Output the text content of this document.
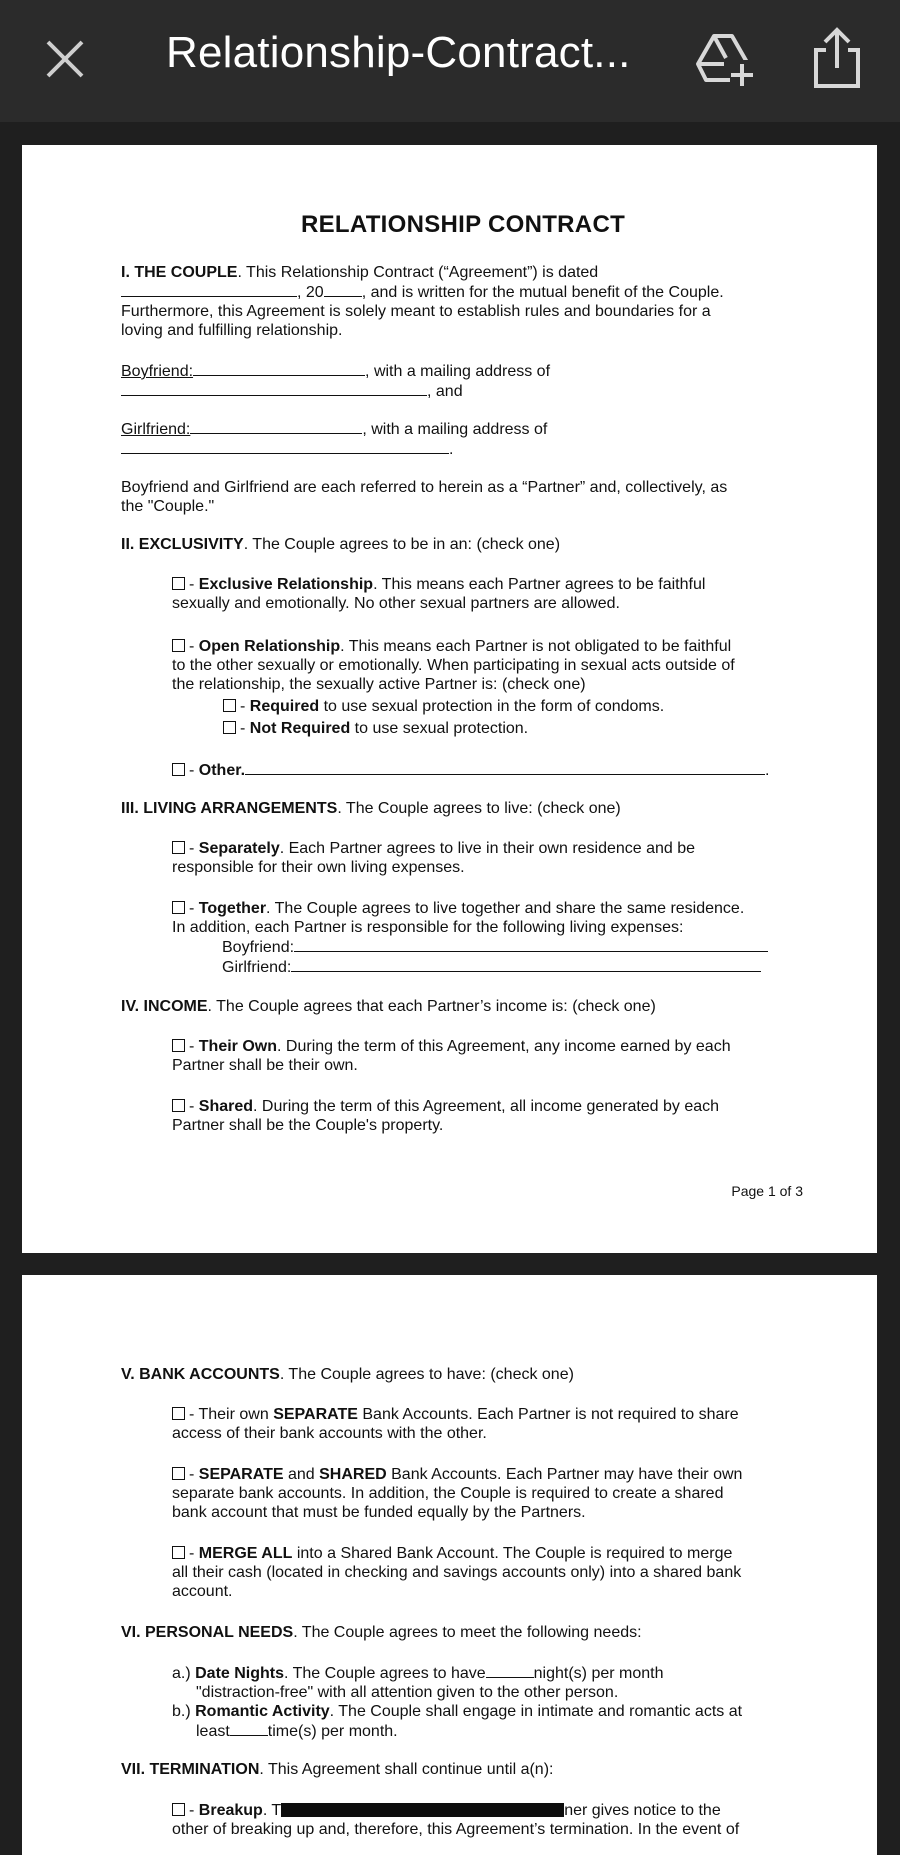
Relationship-Contract...
RELATIONSHIP CONTRACT
I. THE COUPLE. This Relationship Contract (“Agreement”) is dated
, 20 , and is written for the mutual benefit of the Couple.
Furthermore, this Agreement is solely meant to establish rules and boundaries for a
loving and fulfilling relationship.
Boyfriend:	, with a mailing address of
, and
Girlfriend:	, with a mailing address of
.
Boyfriend and Girlfriend are each referred to herein as a “Partner” and, collectively, as
the "Couple."
II. EXCLUSIVITY. The Couple agrees to be in an: (check one)
- Exclusive Relationship. This means each Partner agrees to be faithful
sexually and emotionally. No other sexual partners are allowed.
- Open Relationship. This means each Partner is not obligated to be faithful
to the other sexually or emotionally. When participating in sexual acts outside of
the relationship, the sexually active Partner is: (check one)
- Required to use sexual protection in the form of condoms.
- Not Required to use sexual protection.
- Other.	.
III. LIVING ARRANGEMENTS. The Couple agrees to live: (check one)
- Separately. Each Partner agrees to live in their own residence and be
responsible for their own living expenses.
- Together. The Couple agrees to live together and share the same residence.
In addition, each Partner is responsible for the following living expenses:
Boyfriend:
Girlfriend:
IV. INCOME. The Couple agrees that each Partner’s income is: (check one)
- Their Own. During the term of this Agreement, any income earned by each
Partner shall be their own.
- Shared. During the term of this Agreement, all income generated by each
Partner shall be the Couple's property.
Page 1 of 3
V. BANK ACCOUNTS. The Couple agrees to have: (check one)
- Their own SEPARATE Bank Accounts. Each Partner is not required to share
access of their bank accounts with the other.
- SEPARATE and SHARED Bank Accounts. Each Partner may have their own
separate bank accounts. In addition, the Couple is required to create a shared
bank account that must be funded equally by the Partners.
- MERGE ALL into a Shared Bank Account. The Couple is required to merge
all their cash (located in checking and savings accounts only) into a shared bank
account.
VI. PERSONAL NEEDS. The Couple agrees to meet the following needs:
a.) Date Nights. The Couple agrees to have	night(s) per month
"distraction-free" with all attention given to the other person.
b.) Romantic Activity. The Couple shall engage in intimate and romantic acts at
least time(s) per month.
VII. TERMINATION. This Agreement shall continue until a(n):
- Breakup. T	ner gives notice to the
other of breaking up and, therefore, this Agreement’s termination. In the event of
